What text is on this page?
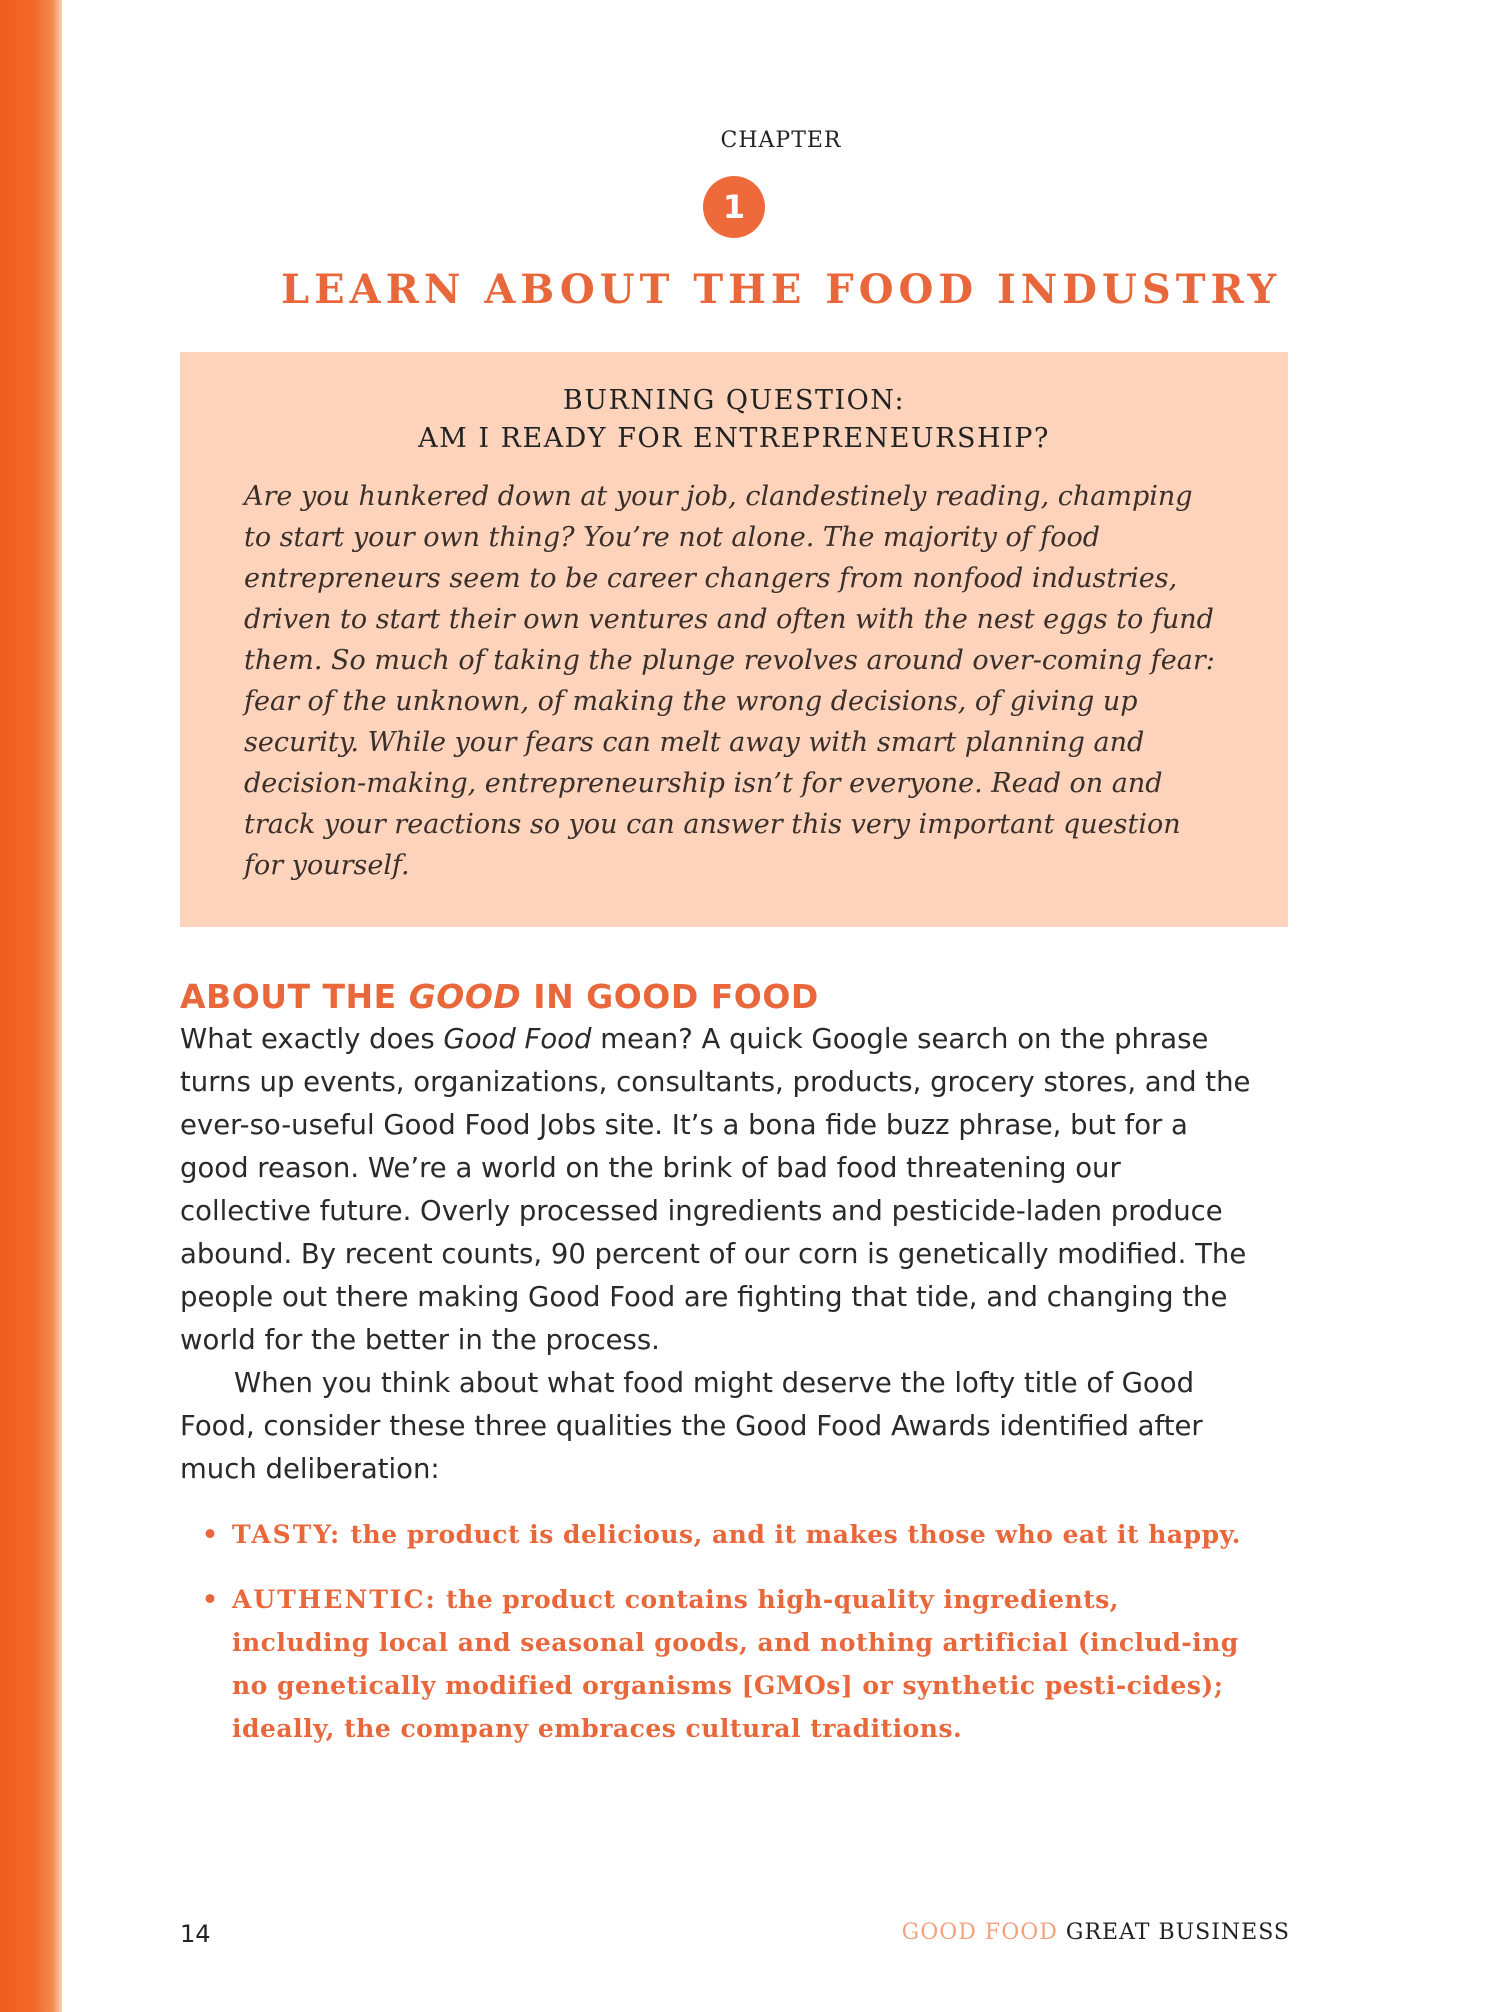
CHAPTER
1
LEARN ABOUT THE FOOD INDUSTRY

BURNING QUESTION:
AM I READY FOR ENTREPRENEURSHIP?

Are you hunkered down at your job, clandestinely reading, champing to start your own thing? You’re not alone. The majority of food entrepreneurs seem to be career changers from nonfood industries, driven to start their own ventures and often with the nest eggs to fund them. So much of taking the plunge revolves around over-coming fear: fear of the unknown, of making the wrong decisions, of giving up security. While your fears can melt away with smart planning and decision-making, entrepreneurship isn’t for everyone. Read on and track your reactions so you can answer this very important question for yourself.

ABOUT THE GOOD IN GOOD FOOD

What exactly does Good Food mean? A quick Google search on the phrase turns up events, organizations, consultants, products, grocery stores, and the ever-so-useful Good Food Jobs site. It’s a bona fide buzz phrase, but for a good reason. We’re a world on the brink of bad food threatening our collective future. Overly processed ingredients and pesticide-laden produce abound. By recent counts, 90 percent of our corn is genetically modified. The people out there making Good Food are fighting that tide, and changing the world for the better in the process.

When you think about what food might deserve the lofty title of Good Food, consider these three qualities the Good Food Awards identified after much deliberation:

• TASTY: the product is delicious, and it makes those who eat it happy.
• AUTHENTIC: the product contains high-quality ingredients, including local and seasonal goods, and nothing artificial (includ-ing no genetically modified organisms [GMOs] or synthetic pesti-cides); ideally, the company embraces cultural traditions.
14	GOOD FOOD GREAT BUSINESS
